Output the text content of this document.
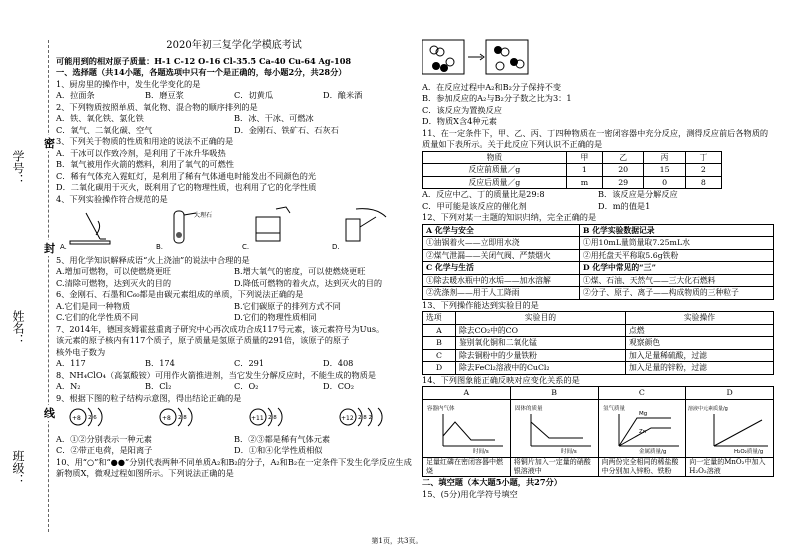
学号：
姓名：
班级：
密
封
线
2020年初三复学化学模底考试
可能用到的相对原子质量：H-1 C-12 O-16 Cl-35.5 Ca-40 Cu-64 Ag-108
一、选择题（共14小题，各题选项中只有一个是正确的，每小题2分，共28分）
1、厨房里的操作中，发生化学变化的是
A．拉面条	B．磨豆浆	C．切黄瓜	D．酿米酒
2、下列物质按照单质、氧化物、混合物的顺序排列的是
A．铁、氧化铁、氯化铁	B．冰、干冰、可燃冰
C．氧气、二氧化碳、空气	D．金刚石、铁矿石、石灰石
3、下列关于物质的性质和用途的说法不正确的是
A．干冰可以作致冷剂，是利用了干冰升华吸热
B．氧气被用作火箭的燃料，利用了氧气的可燃性
C．稀有气体充入霓虹灯，是利用了稀有气体通电时能发出不同颜色的光
D．二氧化碳用于灭火，既利用了它的物理性质，也利用了它的化学性质
4、下列实验操作符合规范的是
A.
大理石
B.	C.	D.
5、用化学知识解释成语“火上浇油”的说法中合理的是
A.增加可燃物，可以使燃烧更旺	B.增大氧气的密度，可以使燃烧更旺
C.清除可燃物，达到灭火的目的	D.降低可燃物的着火点，达到灭火的目的
6、金刚石、石墨和C₆₀都是由碳元素组成的单质，下列说法正确的是
A.它们是同一种物质	B.它们碳原子的排列方式不同
C.它们的化学性质不同	D.它们的物理性质相同
7、2014年，德国亥姆霍兹重离子研究中心再次成功合成117号元素，该元素符号为Uus。
该元素的原子核内有117个质子，原子质量是氢原子质量的291倍，该原子的原子
核外电子数为
A．117	B．174	C．291	D．408
8、NH₄ClO₄（高氯酸铵）可用作火箭推进剂，当它发生分解反应时，不能生成的物质是
A．N₂	B．Cl₂	C．O₂	D．CO₂
9、根据下图的粒子结构示意图，得出结论正确的是
+8 2 6	+8 2 8	+11 2 8	+12 2 8 2
A．①②分别表示一种元素	B．②③都是稀有气体元素
C．②带正电荷，是阳离子	D．①和④化学性质相似
10、用“○”和“●●”分别代表两种不同单质A₂和B₂的分子，A₂和B₂在一定条件下发生化学反应生成新物质X，微观过程如图所示。下列说法正确的是
A．在反应过程中A₂和B₂分子保持不变
B．参加反应的A₂与B₂分子数之比为3：1
C．该反应为置换反应
D．物质X含4种元素
11、在一定条件下，甲、乙、丙、丁四种物质在一密闭容器中充分反应，测得反应前后各物质的质量如下表所示。关于此反应下列认识不正确的是
物质	甲	乙	丙	丁
反应前质量／g	1	20	15	2
反应后质量／g	m	29	0	8
A．反应中乙、丁的质量比是29:8	B．该反应是分解反应
C．甲可能是该反应的催化剂	D．m的值是1
12、下列对某一主题的知识归纳，完全正确的是
A 化学与安全	B 化学实验数据记录
①油锅着火——立即用水浇	①用10mL量筒量取7.25mL水
②煤气泄漏——关闭气阀、严禁烟火	②用托盘天平称取5.6g铁粉
C 化学与生活	D 化学中常见的“三”
①除去暖水瓶中的水垢——加水溶解	①煤、石油、天然气——三大化石燃料
②洗涤剂——用于人工降雨	②分子、原子、离子——构成物质的三种粒子
13、下列操作能达到实验目的是
选项	实验目的	实验操作
A	除去CO₂中的CO	点燃
B	鉴别氧化铜和二氧化锰	观察颜色
C	除去铜粉中的少量铁粉	加入足量稀硫酸，过滤
D	除去FeCl₂溶液中的CuCl₂	加入足量的锌粉，过滤
14、下列图象能正确反映对应变化关系的是
A	B	C	D

容器内气体
时间/s	固体的质量
时间/s	氢气质量
Mg
Zn
金属质量/g	溶液中元素质量/g
H₂O₂质量/g

足量红磷在密闭容器中燃烧	将铜片加入一定量的硝酸银溶液中	向两份完全相同的稀盐酸中分别加入锌粉、铁粉	向一定量的MnO₂中加入H₂O₂溶液
二、填空题（本大题5小题，共27分）
15、(5分)用化学符号填空
第1页，共3页。
